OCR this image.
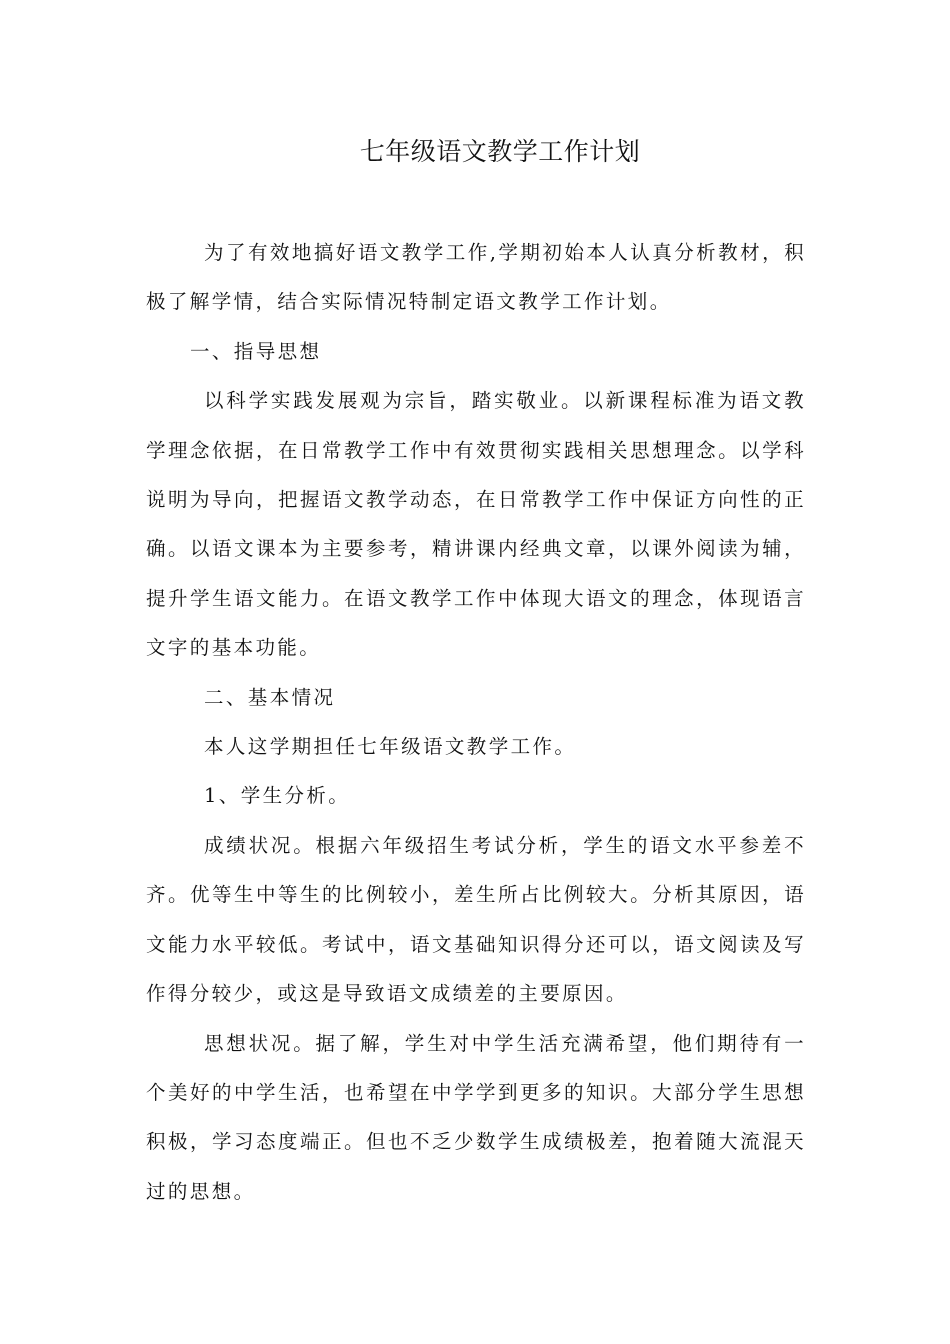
七年级语文教学工作计划

为了有效地搞好语文教学工作,学期初始本人认真分析教材，积极了解学情，结合实际情况特制定语文教学工作计划。

一、指导思想

以科学实践发展观为宗旨，踏实敬业。以新课程标准为语文教学理念依据，在日常教学工作中有效贯彻实践相关思想理念。以学科说明为导向，把握语文教学动态，在日常教学工作中保证方向性的正确。以语文课本为主要参考，精讲课内经典文章，以课外阅读为辅，提升学生语文能力。在语文教学工作中体现大语文的理念，体现语言文字的基本功能。

二、基本情况

本人这学期担任七年级语文教学工作。

1、学生分析。

成绩状况。根据六年级招生考试分析，学生的语文水平参差不齐。优等生中等生的比例较小，差生所占比例较大。分析其原因，语文能力水平较低。考试中，语文基础知识得分还可以，语文阅读及写作得分较少，或这是导致语文成绩差的主要原因。

思想状况。据了解，学生对中学生活充满希望，他们期待有一个美好的中学生活，也希望在中学学到更多的知识。大部分学生思想积极，学习态度端正。但也不乏少数学生成绩极差，抱着随大流混天过的思想。
